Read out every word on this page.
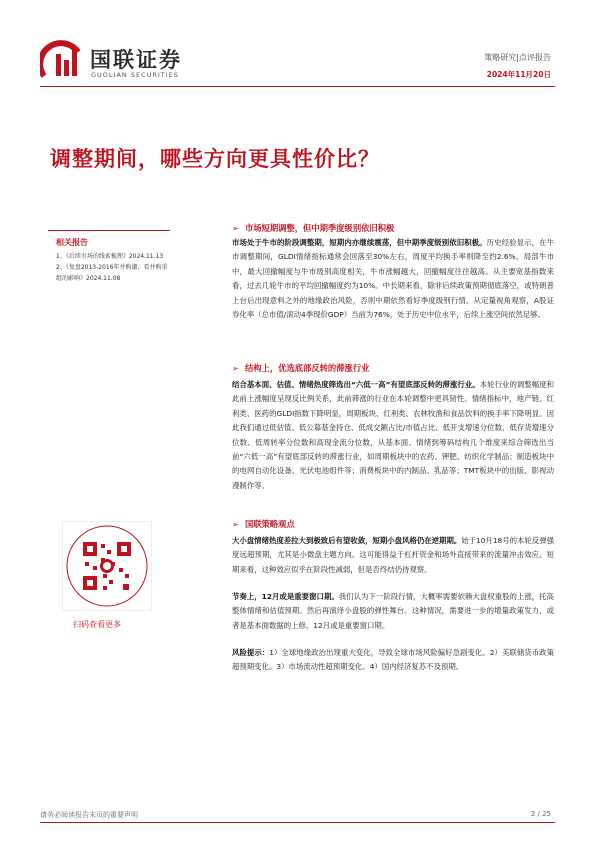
国联证券
GUOLIAN SECURITIES
策略研究|点评报告
2024年11月20日
调整期间，哪些方向更具性价比？
相关报告
1、《后续市场的线索梳理》2024.11.13
2、《复盘2013-2016年并购潮，看并购重组的影响》2024.11.08
扫码查看更多
➢ 市场短期调整，但中期季度级别依旧积极
市场处于牛市的阶段调整期，短期内亦继续震荡，但中期季度级别依旧积极。历史经验显示，在牛市调整期间，GLDI情绪指标通常会回落至30%左右，周度平均换手率则降至约2.6%。局部牛市中，最大回撤幅度与牛市级别高度相关，牛市涨幅越大，回撤幅度往往越高。从主要宽基指数来看，过去几轮牛市的平均回撤幅度约为10%。中长期来看，除非后续政策预期彻底落空，或特朗普上台后出现意料之外的地缘政治风险，否则中期依然看好季度级别行情。从定量视角观察，A股证券化率（总市值/滚动4季现价GDP）当前为76%，处于历史中位水平，后续上涨空间依然足够。
➢ 结构上，优选底部反转的滞涨行业
结合基本面、估值、情绪热度筛选出“六低一高”有望底部反转的滞涨行业。本轮行业的调整幅度和此前上涨幅度呈现反比例关系，此前滞涨的行业在本轮调整中更具韧性。情绪指标中，地产链、红利类、医药的GLDI指数下降明显，周期板块、红利类、农林牧渔和食品饮料的换手率下降明显。因此我们通过低估值、低公募基金持仓、低成交额占比/市值占比、低开支增速分位数、低存货增速分位数、低周转率分位数和高现金流分位数，从基本面、情绪到筹码结构几个维度来综合筛选出当前“六低一高”有望底部反转的滞涨行业，如周期板块中的农药、钾肥、纺织化学制品；制造板块中的电网自动化设备、光伏电池组件等；消费板块中的内制品、乳品等；TMT板块中的出版、影视动漫制作等。
➢ 国联策略观点
大小盘情绪热度差拉大到极致后有望收敛，短期小盘风格仍在逆期期。始于10月18号的本轮反弹强度远超预期，尤其是小微盘主题方向。这可能得益于杠杆资金和场外直接带来的流量冲击效应。短期来看，这种效应似乎在阶段性减弱，但是否终结仍待观察。
节奏上，12月或是重要窗口期。我们认为下一阶段行情，大概率需要依赖大盘权重股的上涨，托高整体情绪和估值预期。然后再演绎小盘股的弹性舞台。这种情况，需要进一步的增量政策发力，或者是基本面数据的上修。12月或是重要窗口期。
风险提示：1）全球地缘政治出现重大变化，导致全球市场风险偏好急剧变化。2）美联储货币政策超预期变化。3）市场流动性超预期变化。4）国内经济复苏不及预期。
请务必阅读报告末页的重要声明	2 / 25
